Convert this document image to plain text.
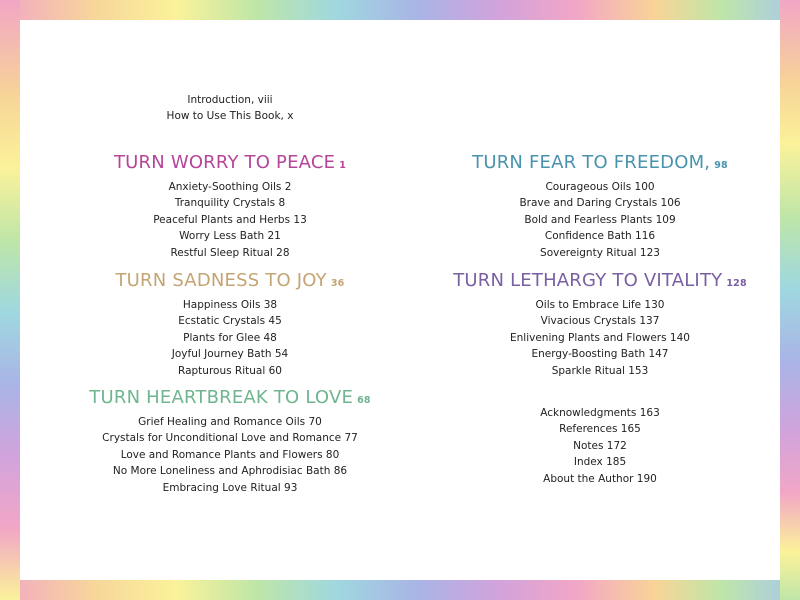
Introduction, viii
How to Use This Book, x
TURN WORRY TO PEACE 1
Anxiety-Soothing Oils 2
Tranquility Crystals 8
Peaceful Plants and Herbs 13
Worry Less Bath 21
Restful Sleep Ritual 28
TURN SADNESS TO JOY 36
Happiness Oils 38
Ecstatic Crystals 45
Plants for Glee 48
Joyful Journey Bath 54
Rapturous Ritual 60
TURN HEARTBREAK TO LOVE 68
Grief Healing and Romance Oils 70
Crystals for Unconditional Love and Romance 77
Love and Romance Plants and Flowers 80
No More Loneliness and Aphrodisiac Bath 86
Embracing Love Ritual 93
TURN FEAR TO FREEDOM, 98
Courageous Oils 100
Brave and Daring Crystals 106
Bold and Fearless Plants 109
Confidence Bath 116
Sovereignty Ritual 123
TURN LETHARGY TO VITALITY 128
Oils to Embrace Life 130
Vivacious Crystals 137
Enlivening Plants and Flowers 140
Energy-Boosting Bath 147
Sparkle Ritual 153
Acknowledgments 163
References 165
Notes 172
Index 185
About the Author 190
